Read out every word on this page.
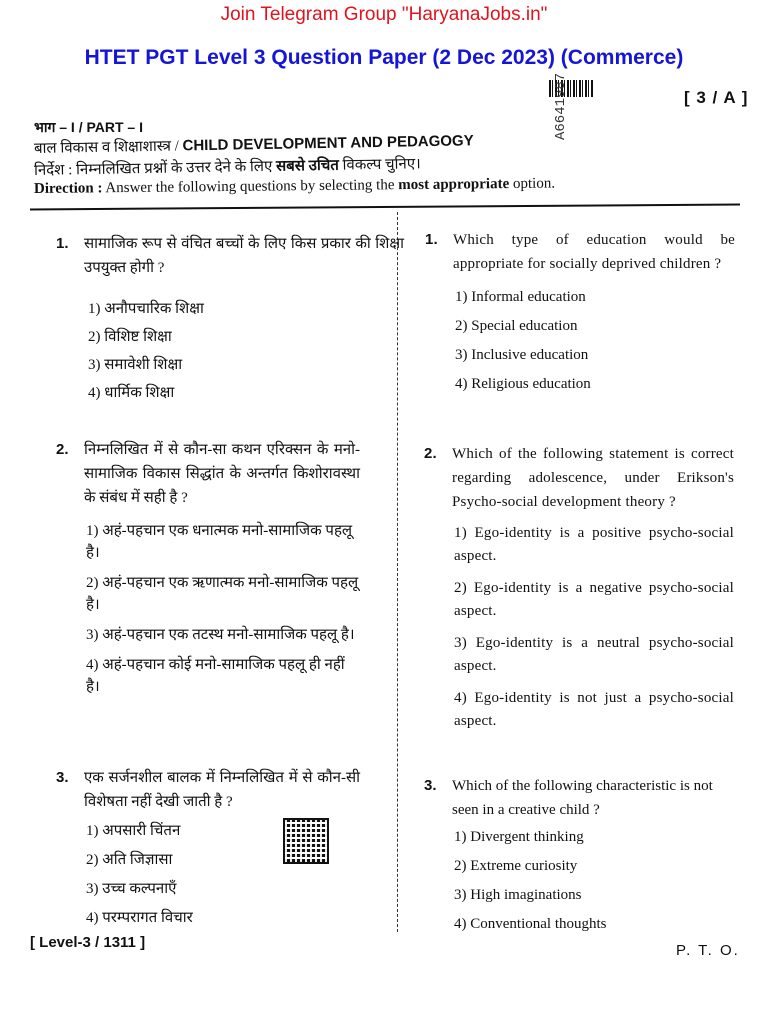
Join Telegram Group "HaryanaJobs.in"
HTET PGT Level 3 Question Paper (2 Dec 2023) (Commerce)
[ 3 / A ]
भाग – I / PART – I
बाल विकास व शिक्षाशास्त्र / CHILD DEVELOPMENT AND PEDAGOGY
निर्देश : निम्नलिखित प्रश्नों के उत्तर देने के लिए सबसे उचित विकल्प चुनिए।
Direction : Answer the following questions by selecting the most appropriate option.
A6641987
1. सामाजिक रूप से वंचित बच्चों के लिए किस प्रकार की शिक्षा उपयुक्त होगी ?
1) अनौपचारिक शिक्षा
2) विशिष्ट शिक्षा
3) समावेशी शिक्षा
4) धार्मिक शिक्षा
1. Which type of education would be appropriate for socially deprived children ?
1) Informal education
2) Special education
3) Inclusive education
4) Religious education
2. निम्नलिखित में से कौन-सा कथन एरिक्सन के मनो-सामाजिक विकास सिद्धांत के अन्तर्गत किशोरावस्था के संबंध में सही है ?
1) अहं-पहचान एक धनात्मक मनो-सामाजिक पहलू है।
2) अहं-पहचान एक ऋणात्मक मनो-सामाजिक पहलू है।
3) अहं-पहचान एक तटस्थ मनो-सामाजिक पहलू है।
4) अहं-पहचान कोई मनो-सामाजिक पहलू ही नहीं है।
2. Which of the following statement is correct regarding adolescence, under Erikson's Psycho-social development theory ?
1) Ego-identity is a positive psycho-social aspect.
2) Ego-identity is a negative psycho-social aspect.
3) Ego-identity is a neutral psycho-social aspect.
4) Ego-identity is not just a psycho-social aspect.
3. एक सर्जनशील बालक में निम्नलिखित में से कौन-सी विशेषता नहीं देखी जाती है ?
1) अपसारी चिंतन
2) अति जिज्ञासा
3) उच्च कल्पनाएँ
4) परम्परागत विचार
3. Which of the following characteristic is not seen in a creative child ?
1) Divergent thinking
2) Extreme curiosity
3) High imaginations
4) Conventional thoughts
[ Level-3 / 1311 ]	P. T. O.
